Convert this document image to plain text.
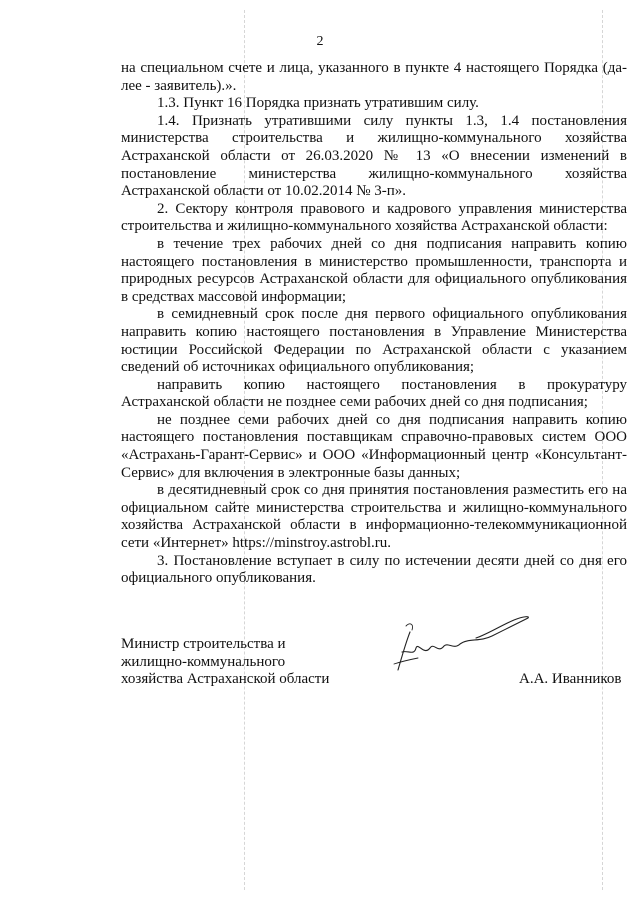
2

на специальном счете и лица, указанного в пункте 4 настоящего Порядка (да-лее - заявитель).».

1.3. Пункт 16 Порядка признать утратившим силу.

1.4. Признать утратившими силу пункты 1.3, 1.4 постановления министерства строительства и жилищно-коммунального хозяйства Астраханской области от 26.03.2020 № 13 «О внесении изменений в постановление министерства жилищно-коммунального хозяйства Астраханской области от 10.02.2014 № 3-п».

2. Сектору контроля правового и кадрового управления министерства строительства и жилищно-коммунального хозяйства Астраханской области:

в течение трех рабочих дней со дня подписания направить копию настоящего постановления в министерство промышленности, транспорта и природных ресурсов Астраханской области для официального опубликования в средствах массовой информации;

в семидневный срок после дня первого официального опубликования направить копию настоящего постановления в Управление Министерства юстиции Российской Федерации по Астраханской области с указанием сведений об источниках официального опубликования;

направить копию настоящего постановления в прокуратуру Астраханской области не позднее семи рабочих дней со дня подписания;

не позднее семи рабочих дней со дня подписания направить копию настоящего постановления поставщикам справочно-правовых систем ООО «Астрахань-Гарант-Сервис» и ООО «Информационный центр «Консультант-Сервис» для включения в электронные базы данных;

в десятидневный срок со дня принятия постановления разместить его на официальном сайте министерства строительства и жилищно-коммунального хозяйства Астраханской области в информационно-телекоммуникационной сети «Интернет» https://minstroy.astrobl.ru.

3. Постановление вступает в силу по истечении десяти дней со дня его официального опубликования.

Министр строительства и
жилищно-коммунального
хозяйства Астраханской области	А.А. Иванников
